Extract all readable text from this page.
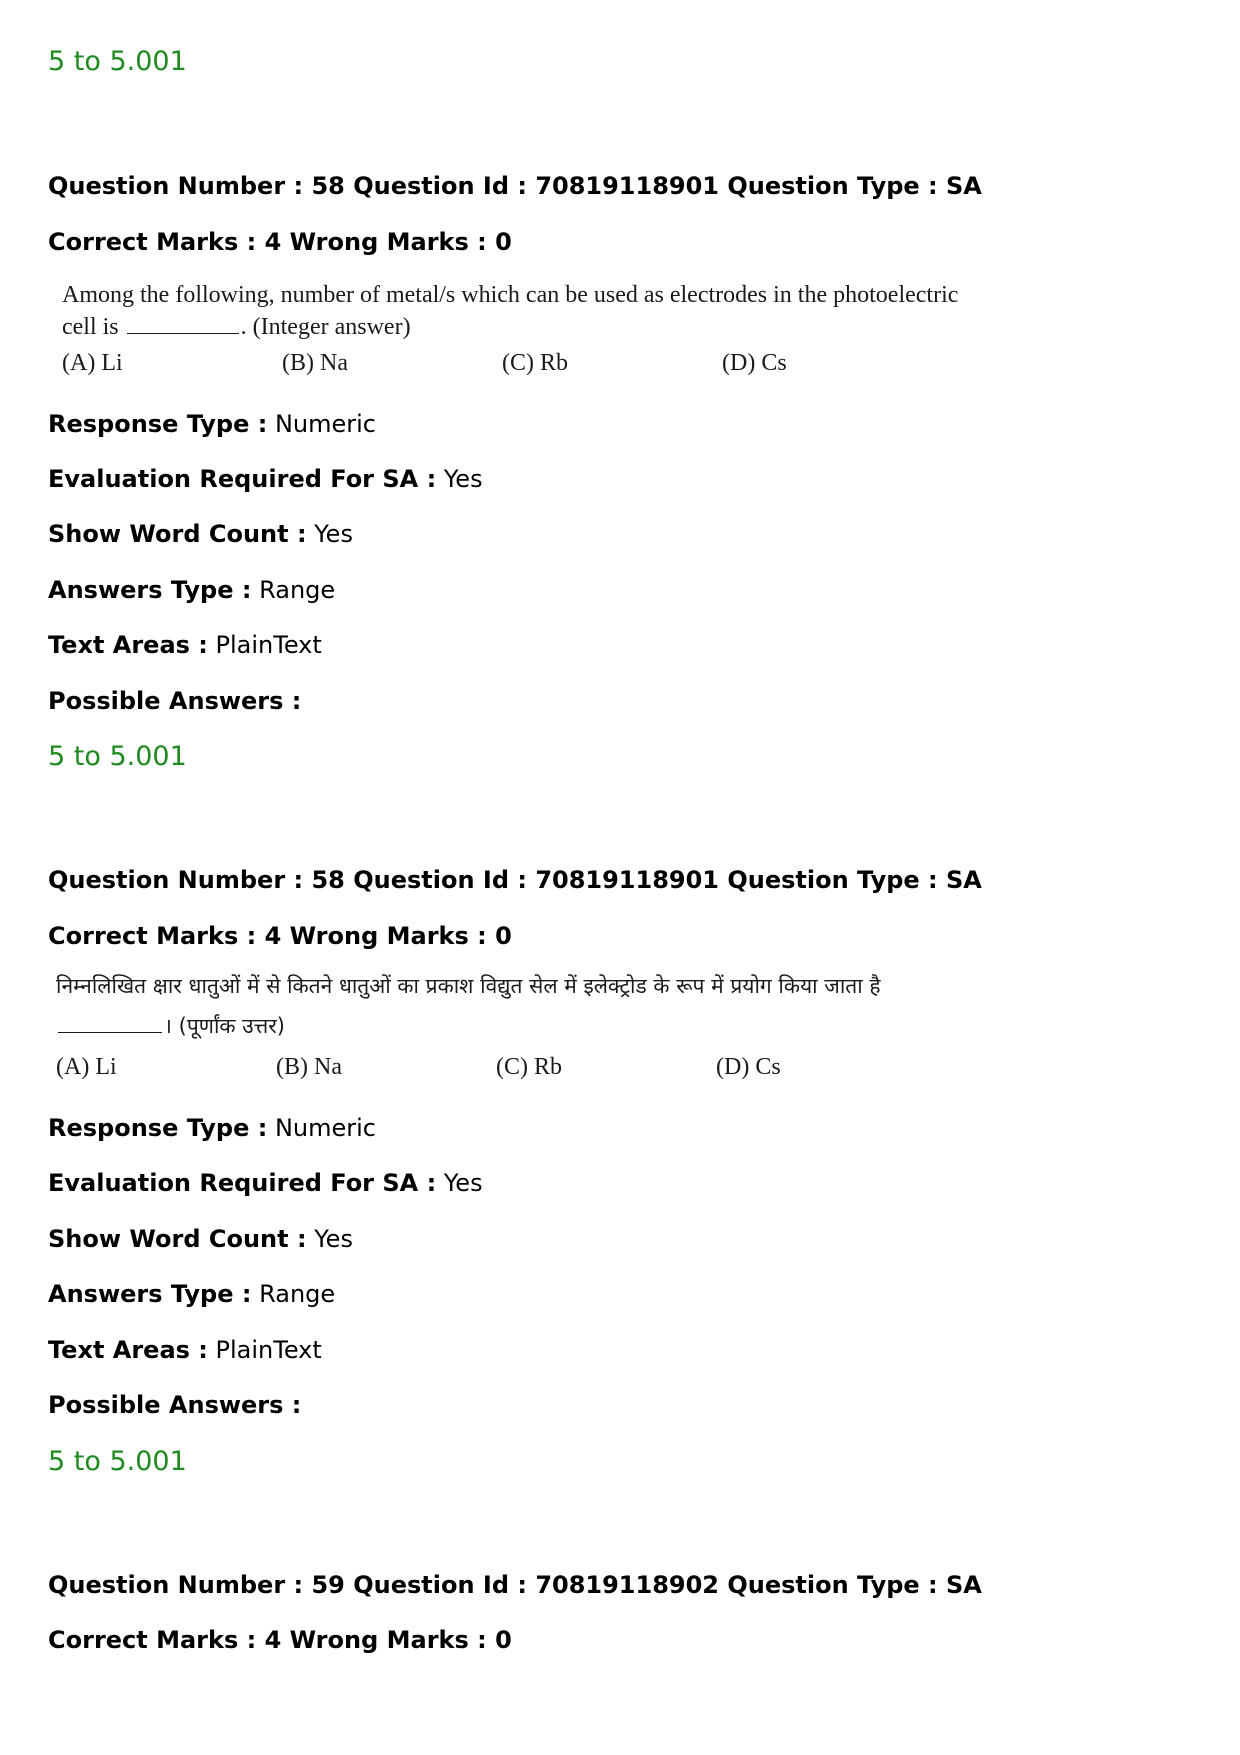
5 to 5.001
Question Number : 58 Question Id : 70819118901 Question Type : SA
Correct Marks : 4 Wrong Marks : 0
Among the following, number of metal/s which can be used as electrodes in the photoelectric
cell is	. (Integer answer)
(A) Li	(B) Na	(C) Rb	(D) Cs
Response Type : Numeric
Evaluation Required For SA : Yes
Show Word Count : Yes
Answers Type : Range
Text Areas : PlainText
Possible Answers :
5 to 5.001
Question Number : 58 Question Id : 70819118901 Question Type : SA
Correct Marks : 4 Wrong Marks : 0
निम्नलिखित क्षार धातुओं में से कितने धातुओं का प्रकाश विद्युत सेल में इलेक्ट्रोड के रूप में प्रयोग किया जाता है
। (पूर्णांक उत्तर)
(A) Li	(B) Na	(C) Rb	(D) Cs
Response Type : Numeric
Evaluation Required For SA : Yes
Show Word Count : Yes
Answers Type : Range
Text Areas : PlainText
Possible Answers :
5 to 5.001
Question Number : 59 Question Id : 70819118902 Question Type : SA
Correct Marks : 4 Wrong Marks : 0
